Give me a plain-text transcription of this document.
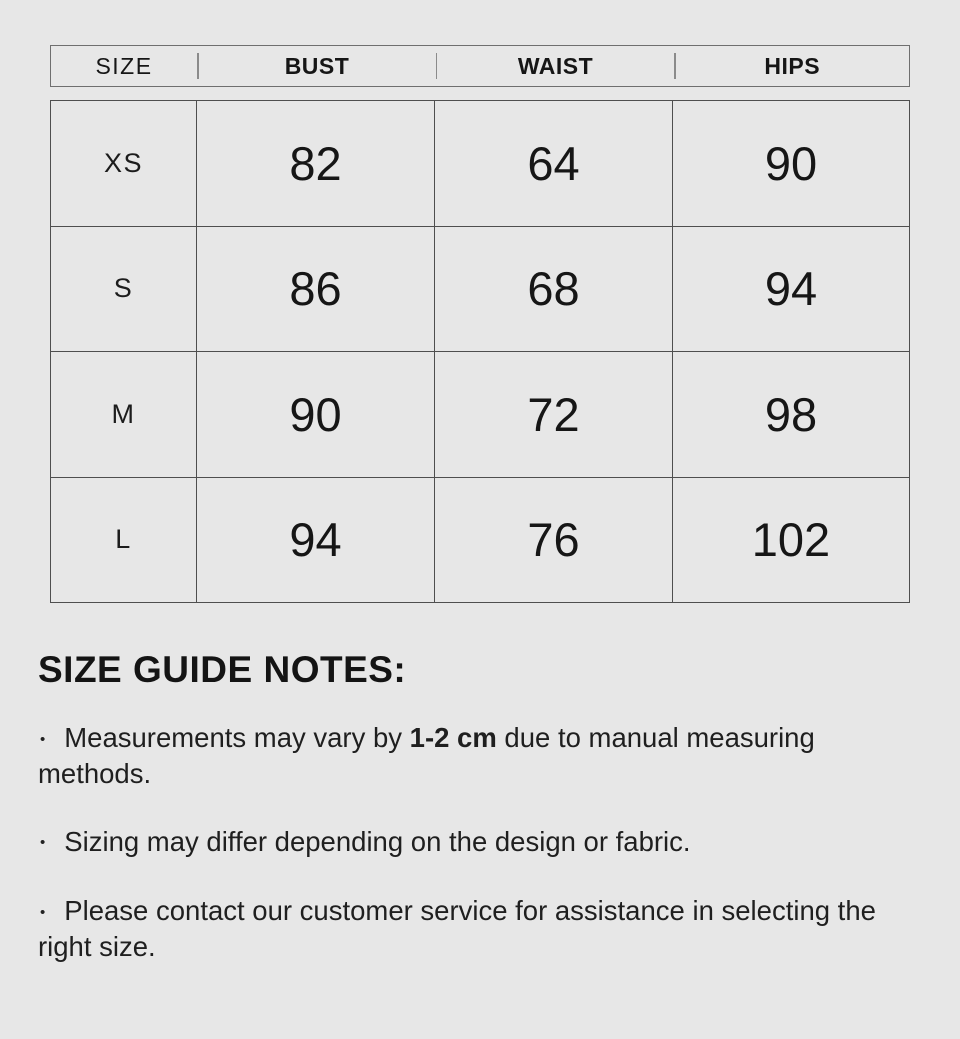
SIZE	BUST	WAIST	HIPS
XS	82	64	90
S	86	68	94
M	90	72	98
L	94	76	102
SIZE GUIDE NOTES:

• Measurements may vary by 1-2 cm due to manual measuring methods.

• Sizing may differ depending on the design or fabric.

• Please contact our customer service for assistance in selecting the right size.
